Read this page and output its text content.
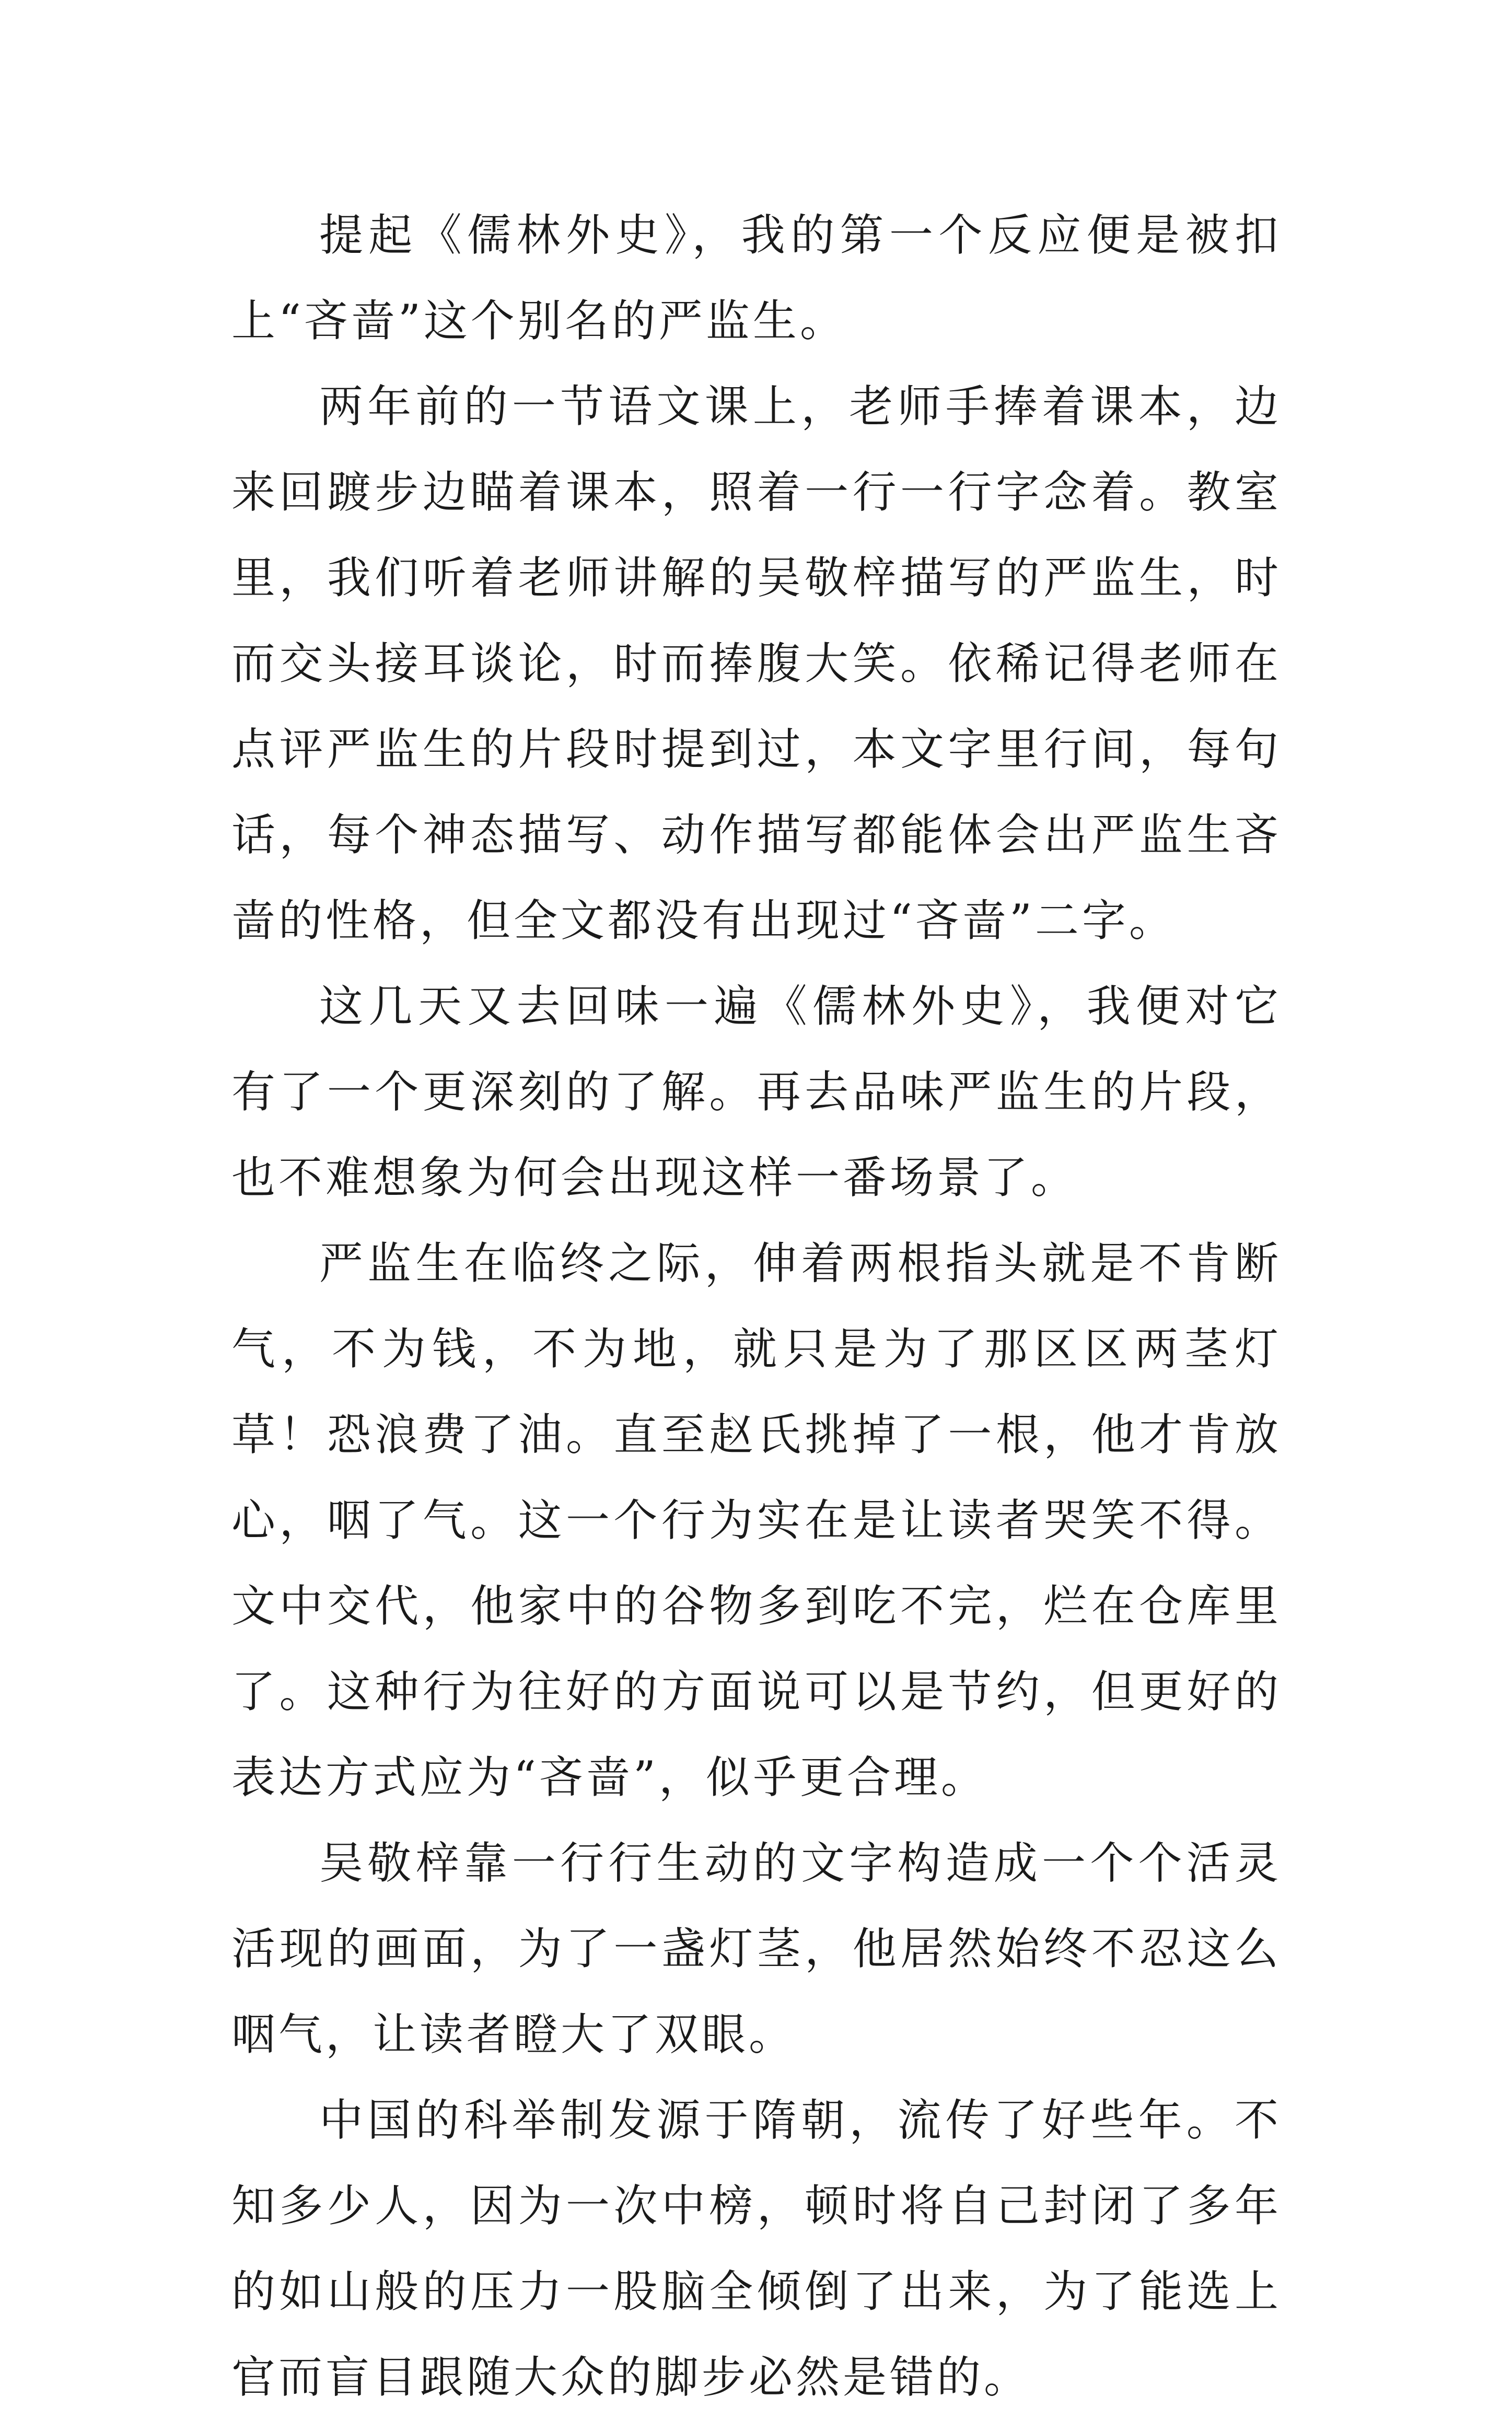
提起《儒林外史》，我的第一个反应便是被扣上“吝啬”这个别名的严监生。

两年前的一节语文课上，老师手捧着课本，边来回踱步边瞄着课本，照着一行一行字念着。教室里，我们听着老师讲解的吴敬梓描写的严监生，时而交头接耳谈论，时而捧腹大笑。依稀记得老师在点评严监生的片段时提到过，本文字里行间，每句话，每个神态描写、动作描写都能体会出严监生吝啬的性格，但全文都没有出现过“吝啬”二字。

这几天又去回味一遍《儒林外史》，我便对它有了一个更深刻的了解。再去品味严监生的片段，也不难想象为何会出现这样一番场景了。

严监生在临终之际，伸着两根指头就是不肯断气，不为钱，不为地，就只是为了那区区两茎灯草！恐浪费了油。直至赵氏挑掉了一根，他才肯放心，咽了气。这一个行为实在是让读者哭笑不得。文中交代，他家中的谷物多到吃不完，烂在仓库里了。这种行为往好的方面说可以是节约，但更好的表达方式应为“吝啬”，似乎更合理。

吴敬梓靠一行行生动的文字构造成一个个活灵活现的画面，为了一盏灯茎，他居然始终不忍这么咽气，让读者瞪大了双眼。

中国的科举制发源于隋朝，流传了好些年。不知多少人，因为一次中榜，顿时将自己封闭了多年的如山般的压力一股脑全倾倒了出来，为了能选上官而盲目跟随大众的脚步必然是错的。
